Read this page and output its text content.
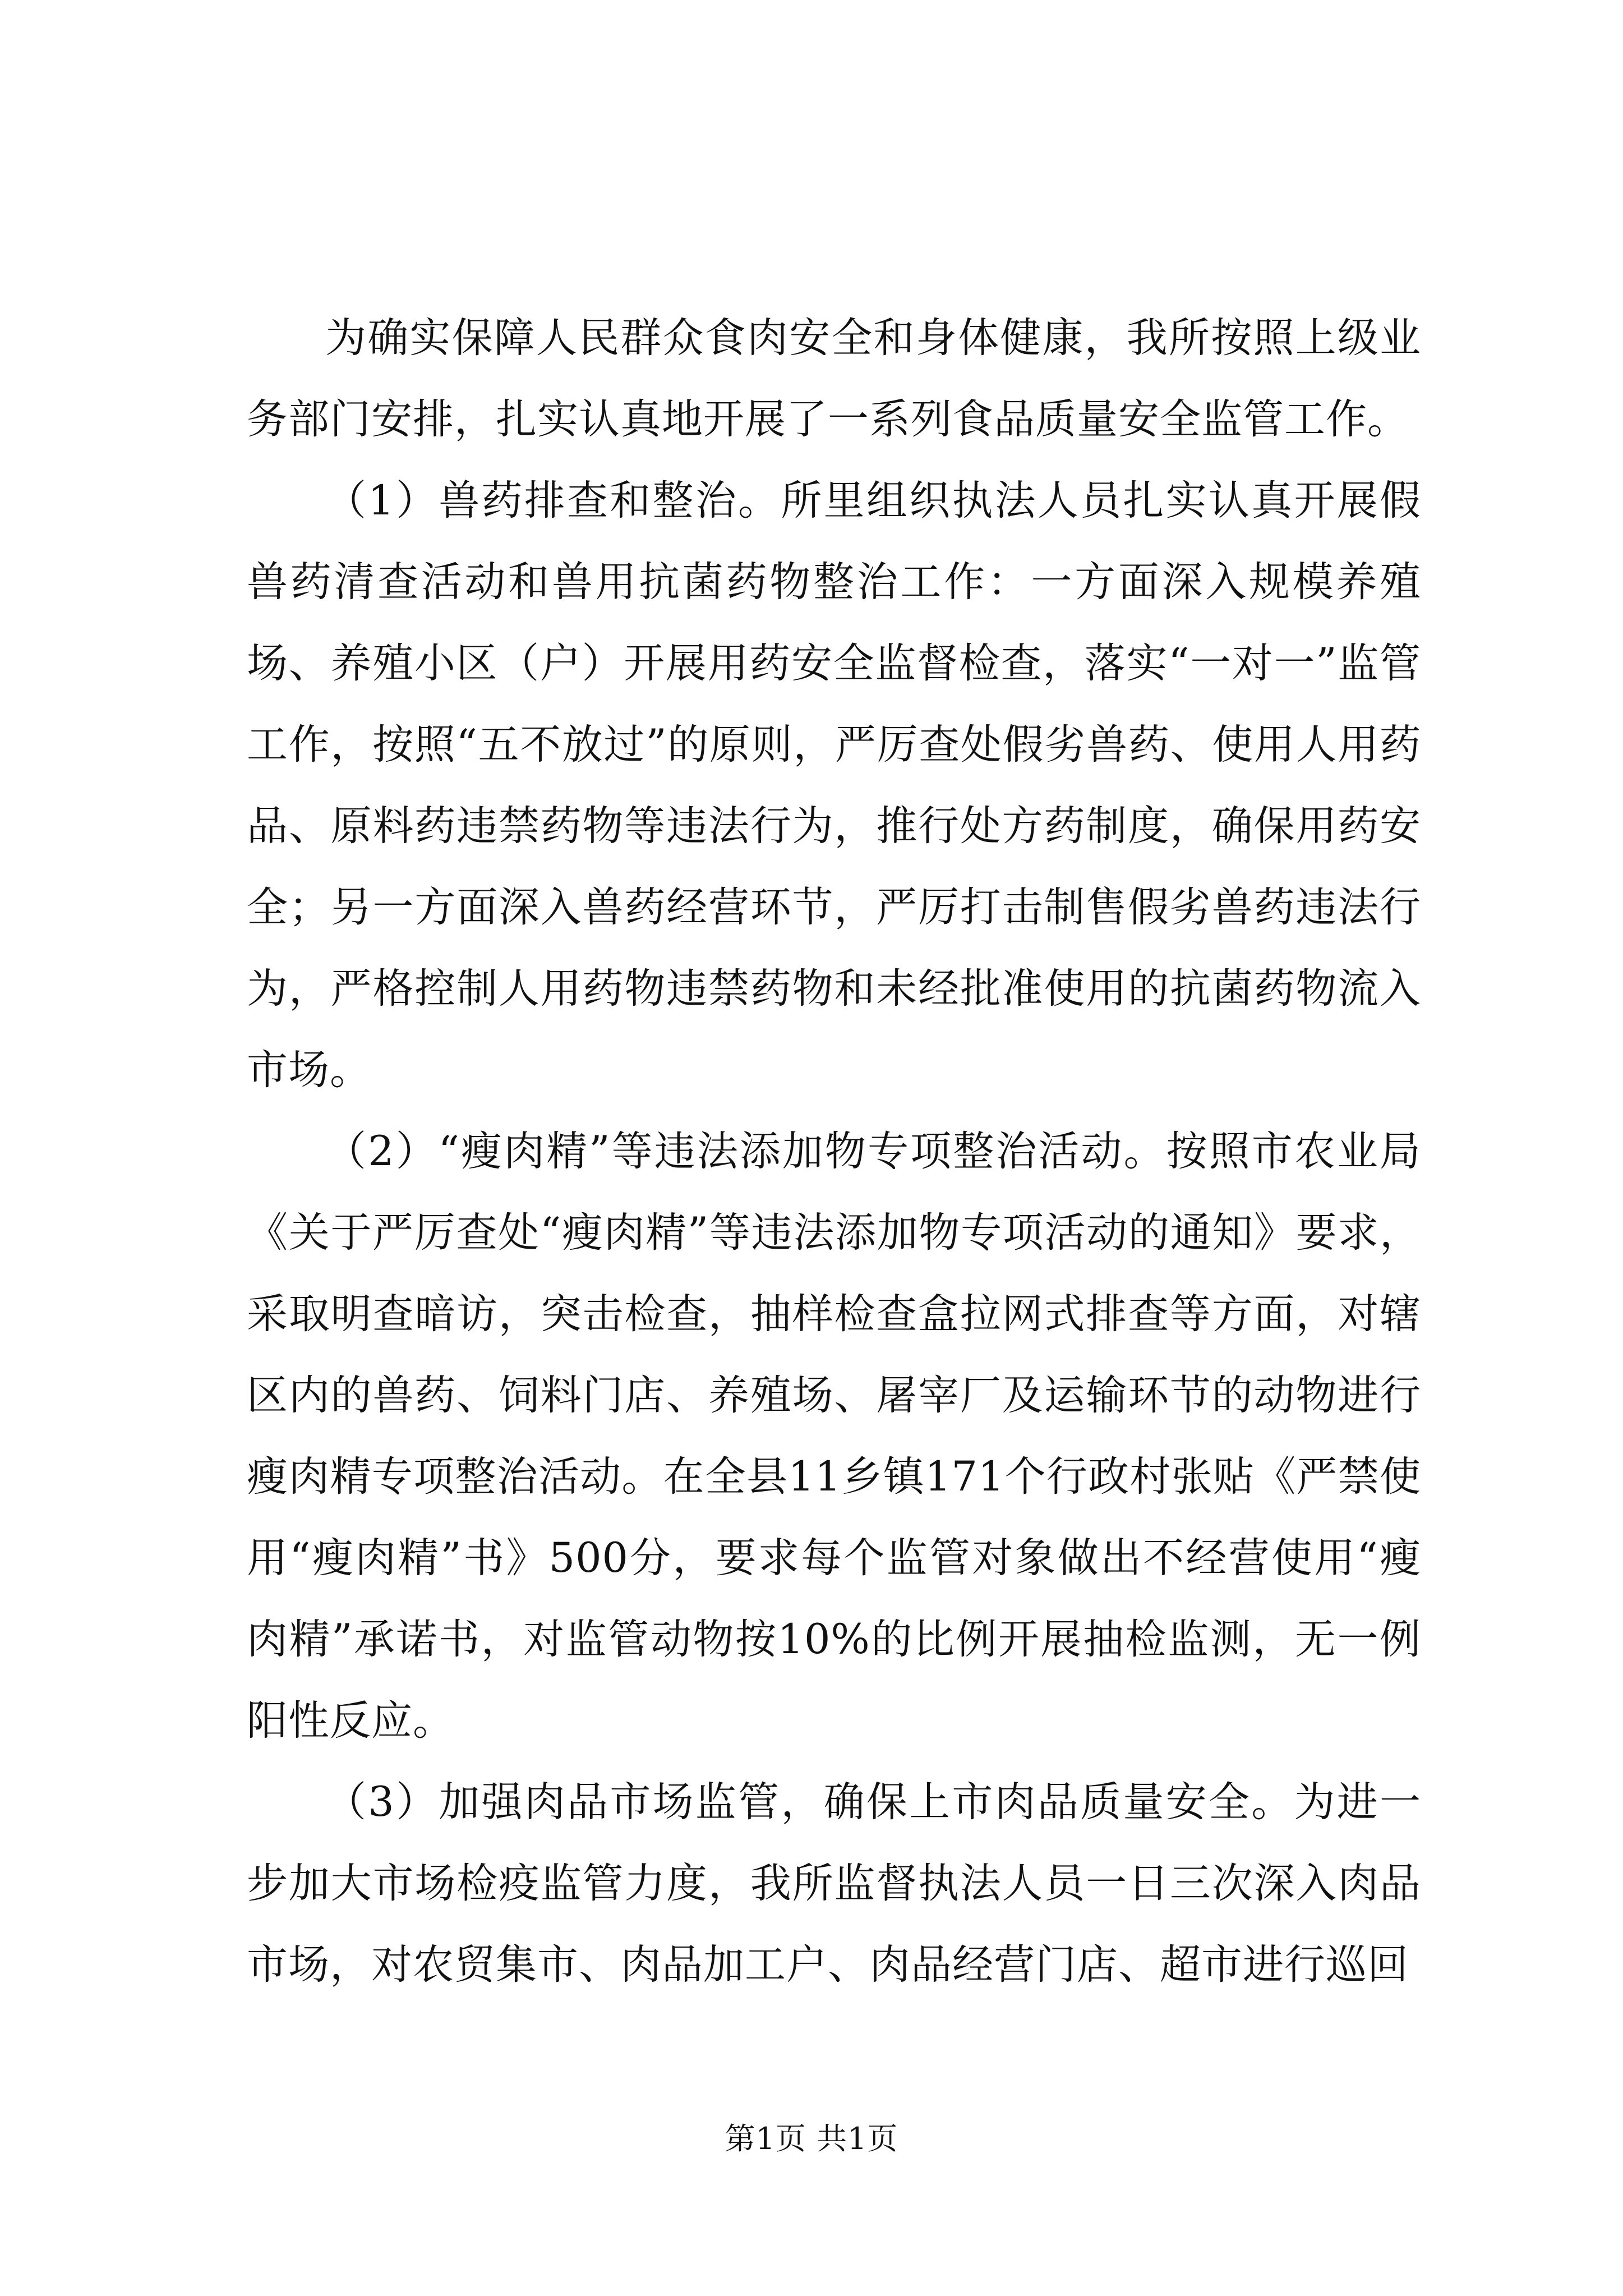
为确实保障人民群众食肉安全和身体健康，我所按照上级业务部门安排，扎实认真地开展了一系列食品质量安全监管工作。

（1）兽药排查和整治。所里组织执法人员扎实认真开展假兽药清查活动和兽用抗菌药物整治工作：一方面深入规模养殖场、养殖小区（户）开展用药安全监督检查，落实“一对一”监管工作，按照“五不放过”的原则，严厉查处假劣兽药、使用人用药品、原料药违禁药物等违法行为，推行处方药制度，确保用药安全；另一方面深入兽药经营环节，严厉打击制售假劣兽药违法行为，严格控制人用药物违禁药物和未经批准使用的抗菌药物流入市场。

（2）“瘦肉精”等违法添加物专项整治活动。按照市农业局《关于严厉查处“瘦肉精”等违法添加物专项活动的通知》要求，采取明查暗访，突击检查，抽样检查盒拉网式排查等方面，对辖区内的兽药、饲料门店、养殖场、屠宰厂及运输环节的动物进行瘦肉精专项整治活动。在全县11乡镇171个行政村张贴《严禁使用“瘦肉精”书》500分，要求每个监管对象做出不经营使用“瘦肉精”承诺书，对监管动物按10%的比例开展抽检监测，无一例阳性反应。

（3）加强肉品市场监管，确保上市肉品质量安全。为进一步加大市场检疫监管力度，我所监督执法人员一日三次深入肉品市场，对农贸集市、肉品加工户、肉品经营门店、超市进行巡回

第1页 共1页
